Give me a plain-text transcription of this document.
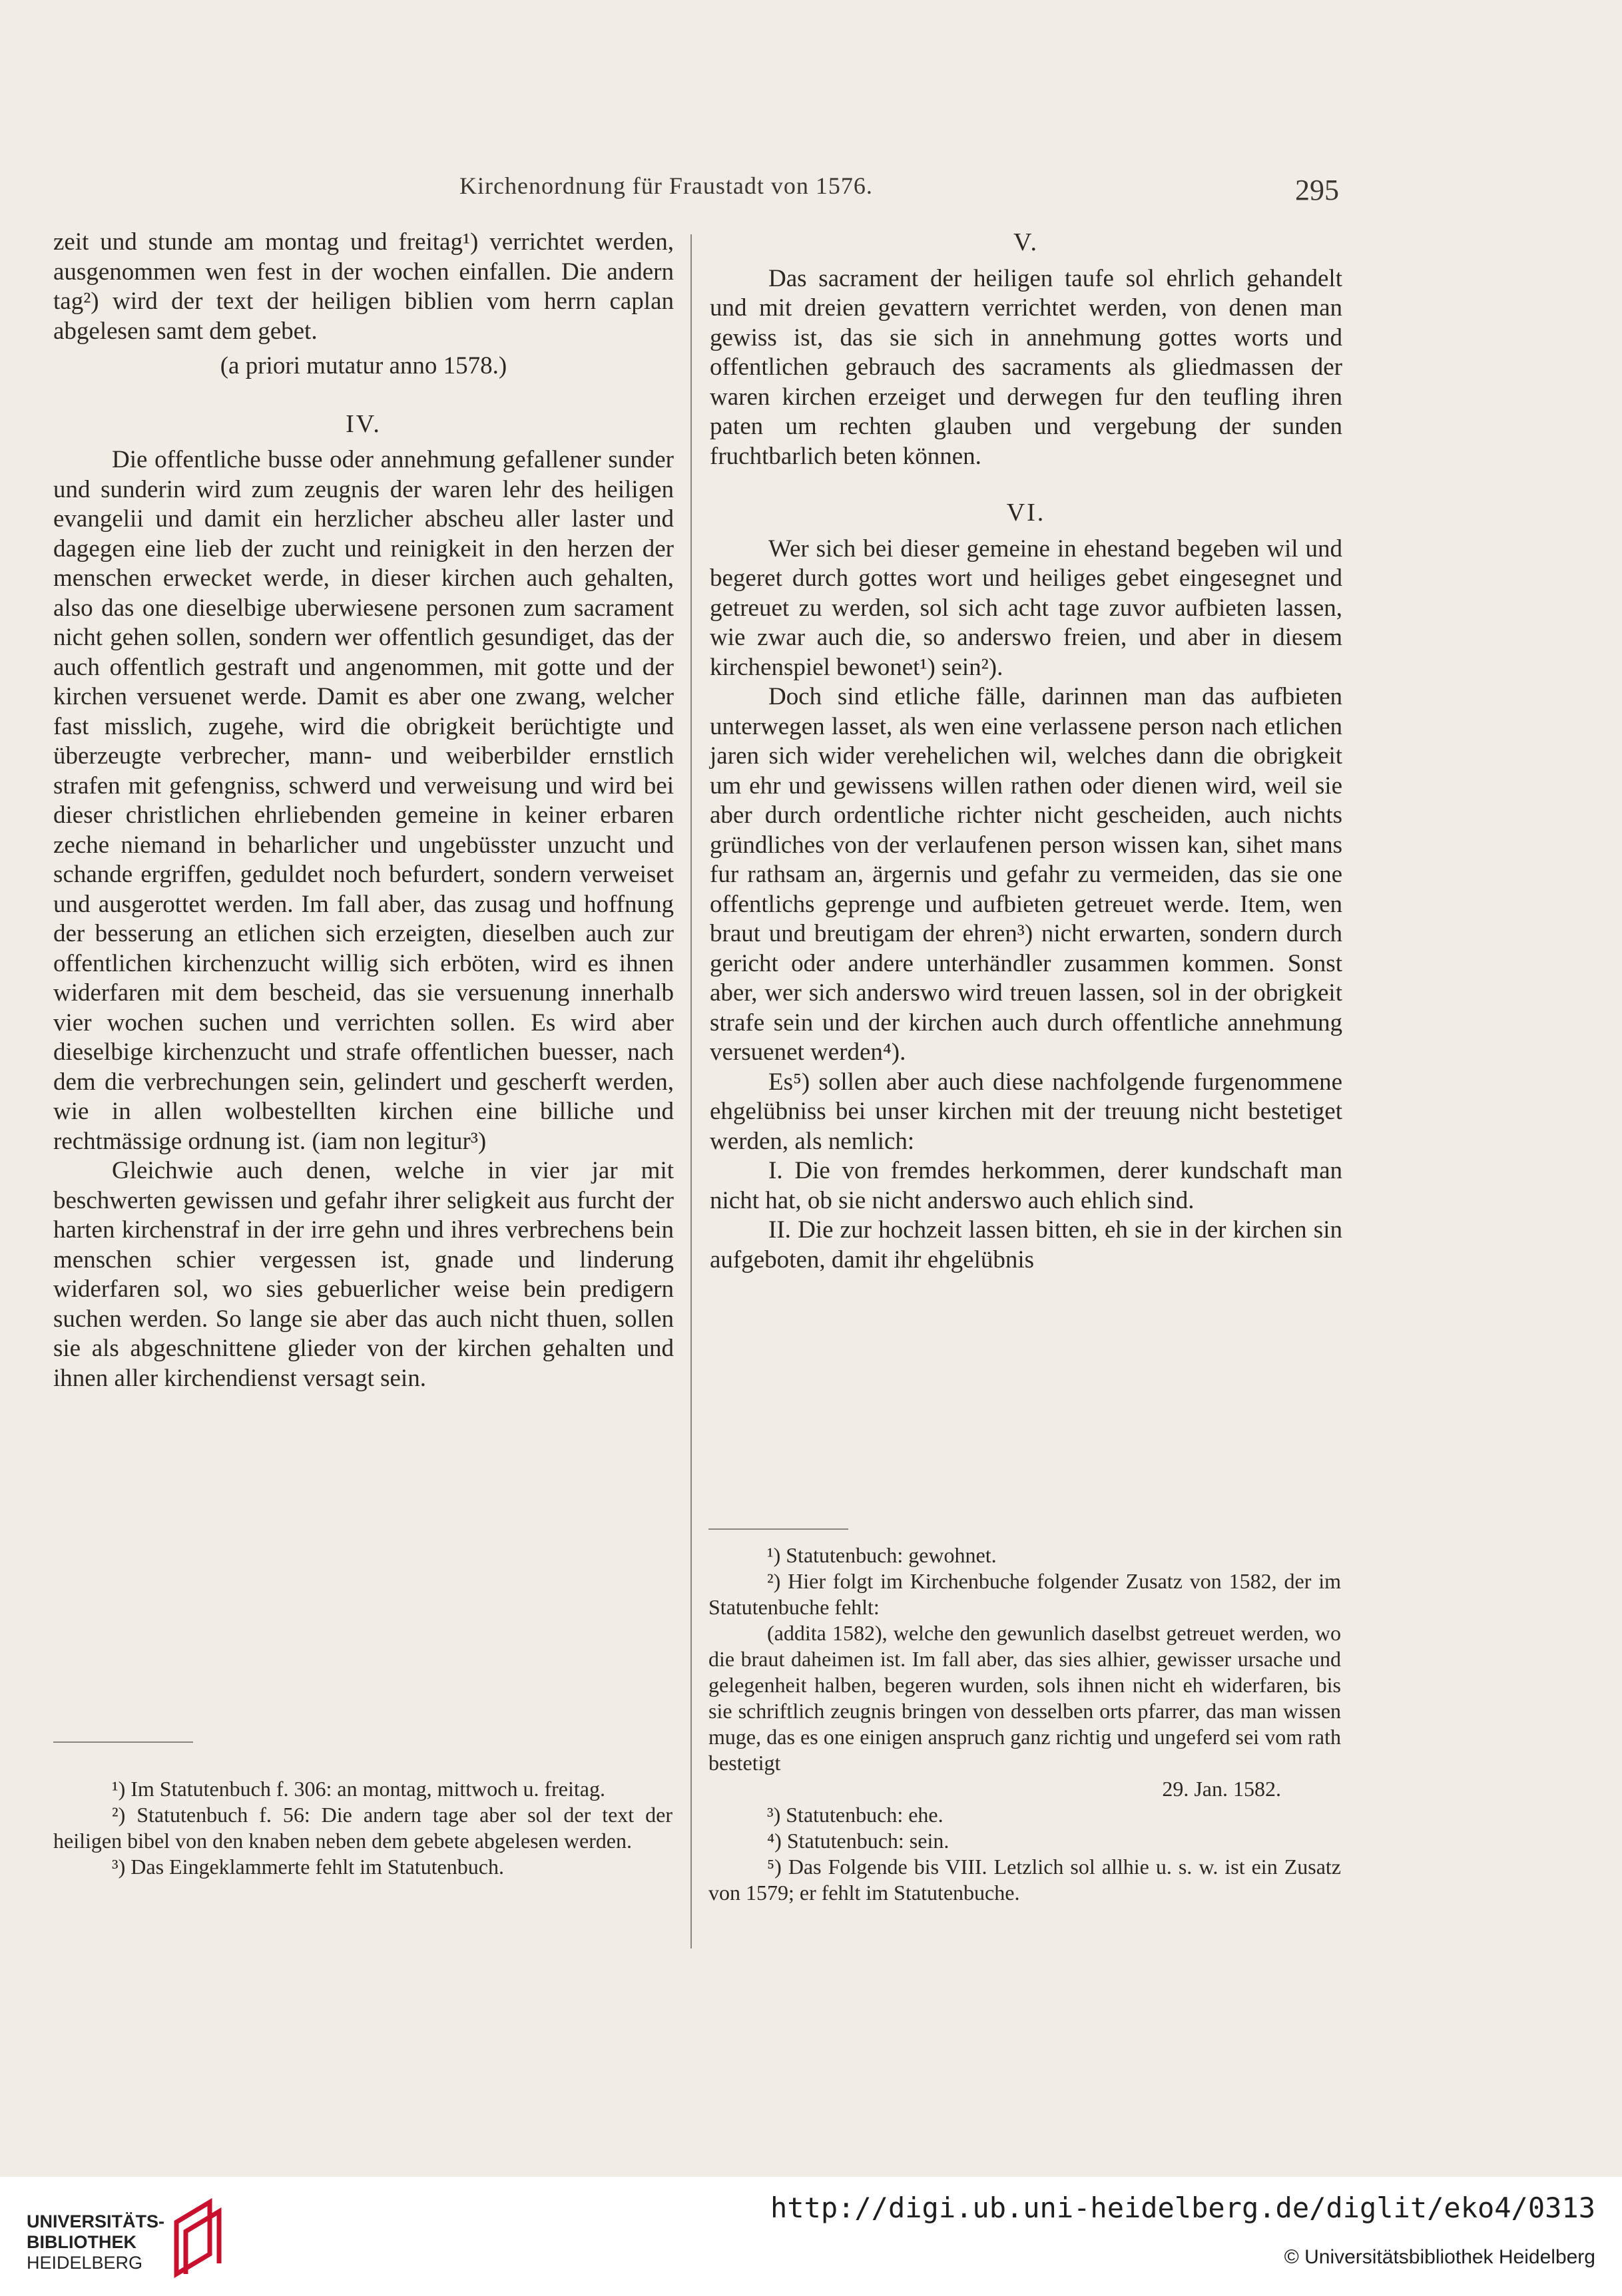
Kirchenordnung für Fraustadt von 1576.	295

zeit und stunde am montag und freitag¹) verrichtet werden, ausgenommen wen fest in der wochen einfallen. Die andern tag²) wird der text der heiligen biblien vom herrn caplan abgelesen samt dem gebet.

(a priori mutatur anno 1578.)

IV.

Die offentliche busse oder annehmung gefallener sunder und sunderin wird zum zeugnis der waren lehr des heiligen evangelii und damit ein herzlicher abscheu aller laster und dagegen eine lieb der zucht und reinigkeit in den herzen der menschen erwecket werde, in dieser kirchen auch gehalten, also das one dieselbige uberwiesene personen zum sacrament nicht gehen sollen, sondern wer offentlich gesundiget, das der auch offentlich gestraft und angenommen, mit gotte und der kirchen versuenet werde. Damit es aber one zwang, welcher fast misslich, zugehe, wird die obrigkeit berüchtigte und überzeugte verbrecher, mann- und weiberbilder ernstlich strafen mit gefengniss, schwerd und verweisung und wird bei dieser christlichen ehrliebenden gemeine in keiner erbaren zeche niemand in beharlicher und ungebüsster unzucht und schande ergriffen, geduldet noch befurdert, sondern verweiset und ausgerottet werden. Im fall aber, das zusag und hoffnung der besserung an etlichen sich erzeigten, dieselben auch zur offentlichen kirchenzucht willig sich erböten, wird es ihnen widerfaren mit dem bescheid, das sie versuenung innerhalb vier wochen suchen und verrichten sollen. Es wird aber dieselbige kirchenzucht und strafe offentlichen buesser, nach dem die verbrechungen sein, gelindert und gescherft werden, wie in allen wolbestellten kirchen eine billiche und rechtmässige ordnung ist. (iam non legitur³)

Gleichwie auch denen, welche in vier jar mit beschwerten gewissen und gefahr ihrer seligkeit aus furcht der harten kirchenstraf in der irre gehn und ihres verbrechens bein menschen schier vergessen ist, gnade und linderung widerfaren sol, wo sies gebuerlicher weise bein predigern suchen werden. So lange sie aber das auch nicht thuen, sollen sie als abgeschnittene glieder von der kirchen gehalten und ihnen aller kirchendienst versagt sein.

V.

Das sacrament der heiligen taufe sol ehrlich gehandelt und mit dreien gevattern verrichtet werden, von denen man gewiss ist, das sie sich in annehmung gottes worts und offentlichen gebrauch des sacraments als gliedmassen der waren kirchen erzeiget und derwegen fur den teufling ihren paten um rechten glauben und vergebung der sunden fruchtbarlich beten können.

VI.

Wer sich bei dieser gemeine in ehestand begeben wil und begeret durch gottes wort und heiliges gebet eingesegnet und getreuet zu werden, sol sich acht tage zuvor aufbieten lassen, wie zwar auch die, so anderswo freien, und aber in diesem kirchenspiel bewonet¹) sein²).

Doch sind etliche fälle, darinnen man das aufbieten unterwegen lasset, als wen eine verlassene person nach etlichen jaren sich wider verehelichen wil, welches dann die obrigkeit um ehr und gewissens willen rathen oder dienen wird, weil sie aber durch ordentliche richter nicht gescheiden, auch nichts gründliches von der verlaufenen person wissen kan, sihet mans fur rathsam an, ärgernis und gefahr zu vermeiden, das sie one offentlichs geprenge und aufbieten getreuet werde. Item, wen braut und breutigam der ehren³) nicht erwarten, sondern durch gericht oder andere unterhändler zusammen kommen. Sonst aber, wer sich anderswo wird treuen lassen, sol in der obrigkeit strafe sein und der kirchen auch durch offentliche annehmung versuenet werden⁴).

Es⁵) sollen aber auch diese nachfolgende furgenommene ehgelübniss bei unser kirchen mit der treuung nicht bestetiget werden, als nemlich:

I. Die von fremdes herkommen, derer kundschaft man nicht hat, ob sie nicht anderswo auch ehlich sind.

II. Die zur hochzeit lassen bitten, eh sie in der kirchen sin aufgeboten, damit ihr ehgelübnis

¹) Im Statutenbuch f. 306: an montag, mittwoch u. freitag.

²) Statutenbuch f. 56: Die andern tage aber sol der text der heiligen bibel von den knaben neben dem gebete abgelesen werden.

³) Das Eingeklammerte fehlt im Statutenbuch.

¹) Statutenbuch: gewohnet.

²) Hier folgt im Kirchenbuche folgender Zusatz von 1582, der im Statutenbuche fehlt:

(addita 1582), welche den gewunlich daselbst getreuet werden, wo die braut daheimen ist. Im fall aber, das sies alhier, gewisser ursache und gelegenheit halben, begeren wurden, sols ihnen nicht eh widerfaren, bis sie schriftlich zeugnis bringen von desselben orts pfarrer, das man wissen muge, das es one einigen anspruch ganz richtig und ungeferd sei vom rath bestetigt

29. Jan. 1582.

³) Statutenbuch: ehe.

⁴) Statutenbuch: sein.

⁵) Das Folgende bis VIII. Letzlich sol allhie u. s. w. ist ein Zusatz von 1579; er fehlt im Statutenbuche.

UNIVERSITÄTS-
BIBLIOTHEK
HEIDELBERG
http://digi.ub.uni-heidelberg.de/diglit/eko4/0313
© Universitätsbibliothek Heidelberg
